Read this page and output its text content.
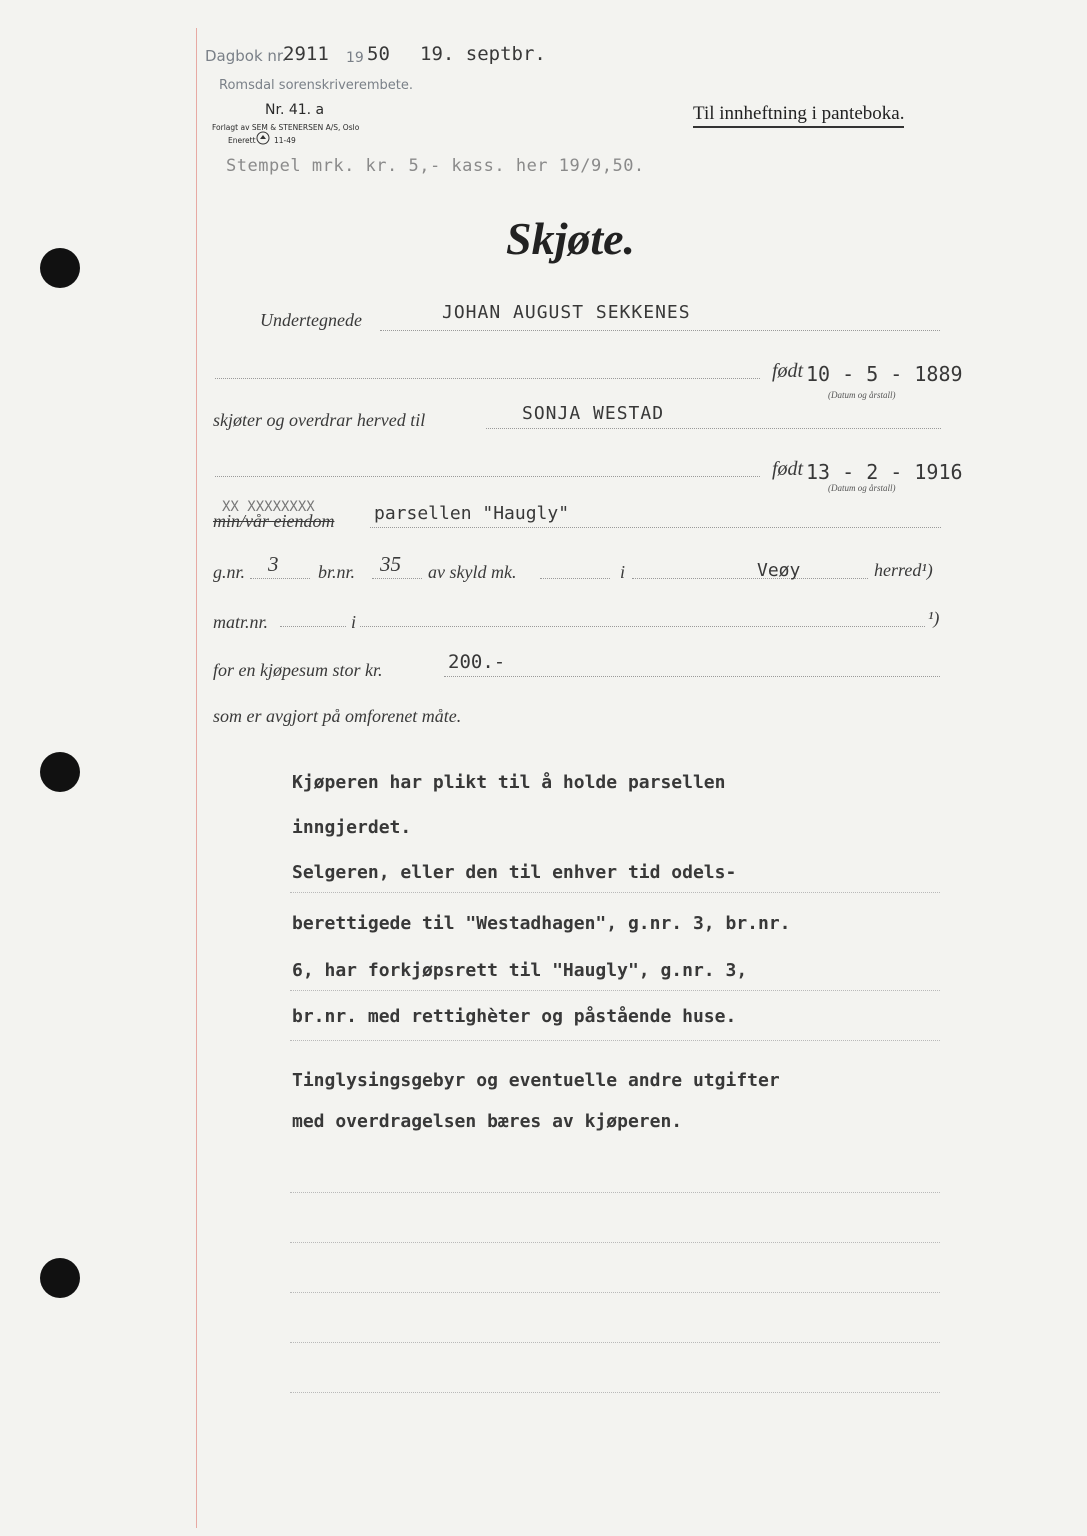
Dagbok nr.
2911 19 50 19. septbr.
Romsdal sorenskriverembete.
Nr. 41. a
Forlagt av SEM & STENERSEN A/S, Oslo
Enerett 11-49
Til innheftning i panteboka.
Stempel mrk. kr. 5,- kass. her 19/9,50.
Skjøte.
Undertegnede	JOHAN AUGUST SEKKENES
født 10 - 5 - 1889
(Datum og årstall)
skjøter og overdrar herved til	SONJA WESTAD
født 13 - 2 - 1916
(Datum og årstall)
XX XXXXXXXX
min/vår eiendom parsellen "Haugly"
g.nr. 3 br.nr. 35 av skyld mk.	i	Veøy	herred¹)
matr.nr.	i	¹)
for en kjøpesum stor kr.	200.-
som er avgjort på omforenet måte.
Kjøperen har plikt til å holde parsellen
inngjerdet.
Selgeren, eller den til enhver tid odels-
berettigede til "Westadhagen", g.nr. 3, br.nr.
6, har forkjøpsrett til "Haugly", g.nr. 3,
br.nr. med rettighèter og påstående huse.
Tinglysingsgebyr og eventuelle andre utgifter
med overdragelsen bæres av kjøperen.
